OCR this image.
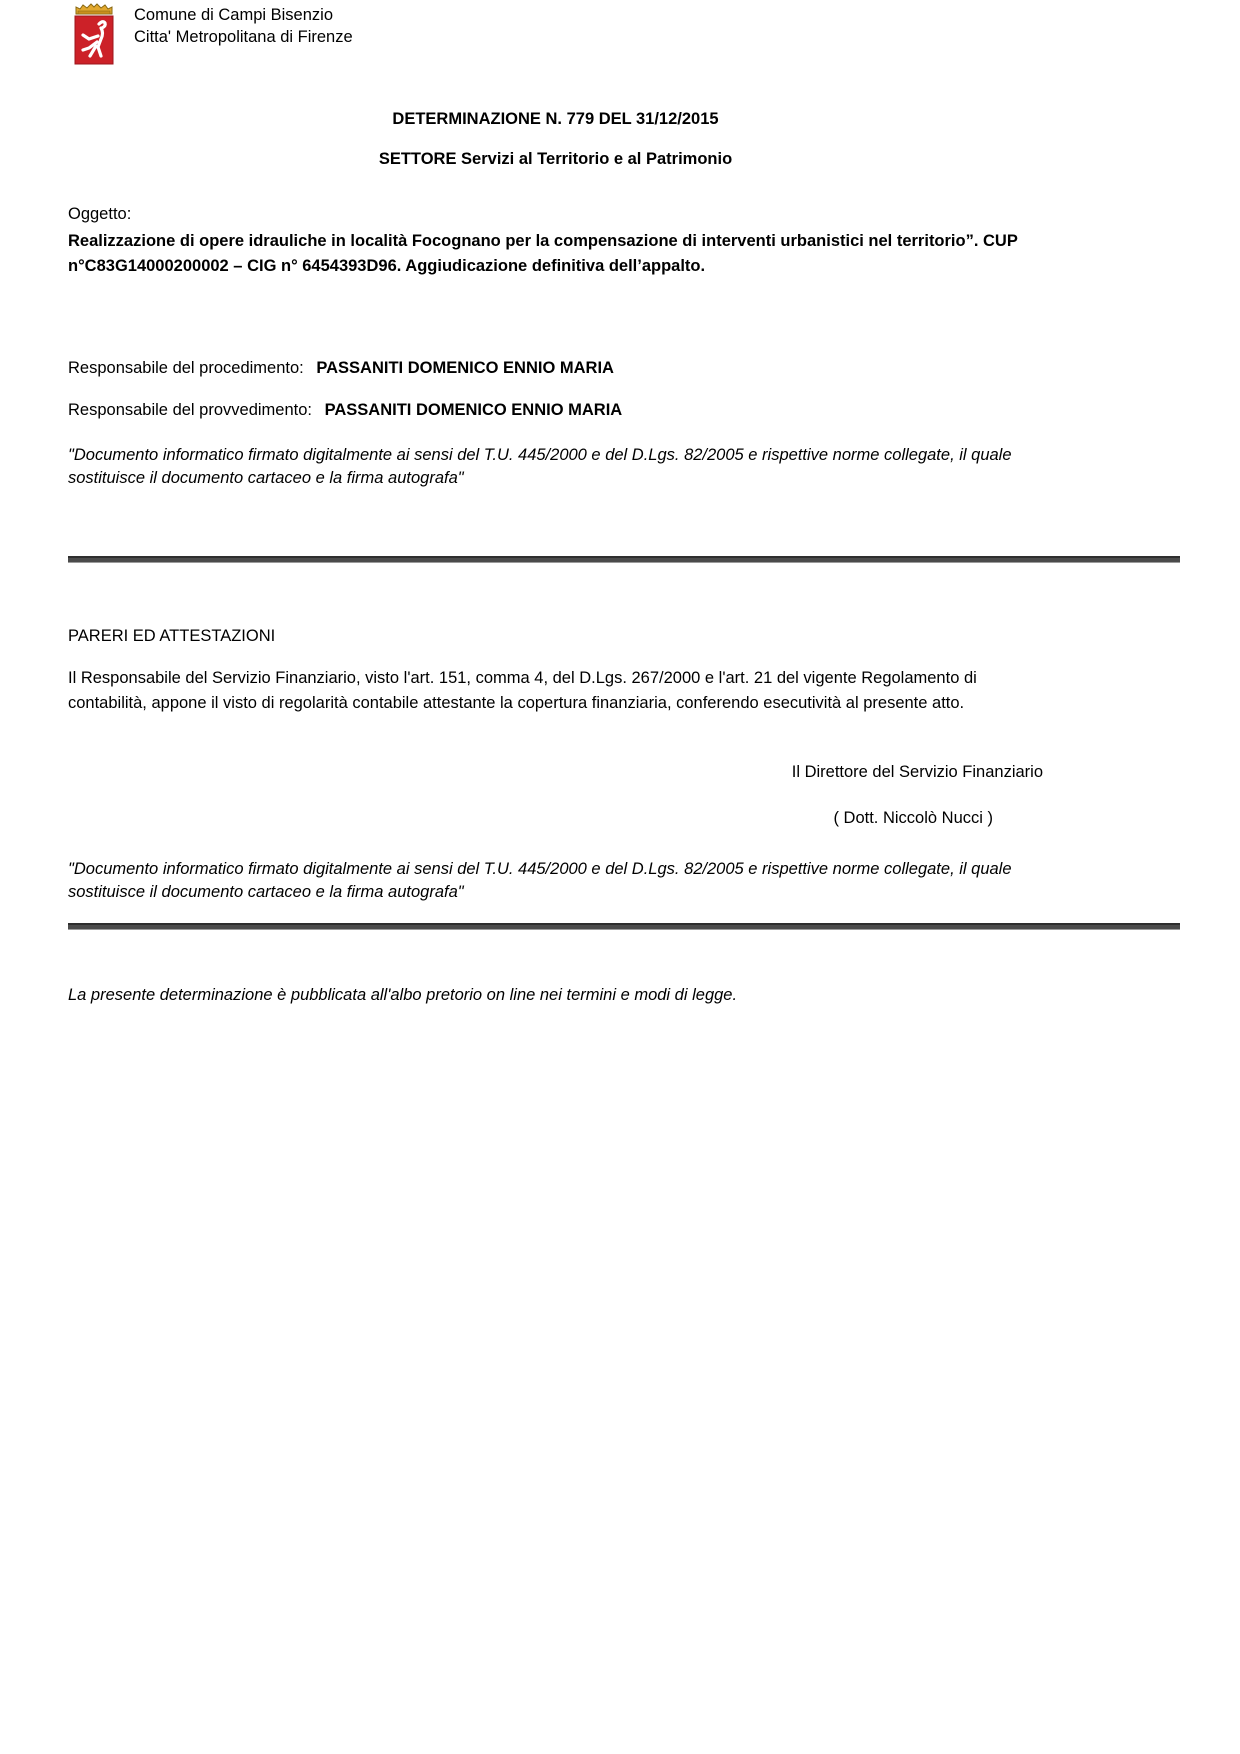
Comune di Campi Bisenzio
Citta' Metropolitana di Firenze
DETERMINAZIONE N. 779 DEL 31/12/2015
SETTORE Servizi al Territorio e al Patrimonio
Oggetto:
Realizzazione di opere idrauliche in località Focognano per la compensazione di interventi urbanistici nel territorio”. CUP n°C83G14000200002 – CIG n° 6454393D96. Aggiudicazione definitiva dell’appalto.
Responsabile del procedimento: PASSANITI DOMENICO ENNIO MARIA
Responsabile del provvedimento: PASSANITI DOMENICO ENNIO MARIA
"Documento informatico firmato digitalmente ai sensi del T.U. 445/2000 e del D.Lgs. 82/2005 e rispettive norme collegate, il quale sostituisce il documento cartaceo e la firma autografa"
PARERI ED ATTESTAZIONI
Il Responsabile del Servizio Finanziario, visto l'art. 151, comma 4, del D.Lgs. 267/2000 e l'art. 21 del vigente Regolamento di contabilità, appone il visto di regolarità contabile attestante la copertura finanziaria, conferendo esecutività al presente atto.
Il Direttore del Servizio Finanziario
( Dott. Niccolò Nucci )
"Documento informatico firmato digitalmente ai sensi del T.U. 445/2000 e del D.Lgs. 82/2005 e rispettive norme collegate, il quale sostituisce il documento cartaceo e la firma autografa"
La presente determinazione è pubblicata all'albo pretorio on line nei termini e modi di legge.
